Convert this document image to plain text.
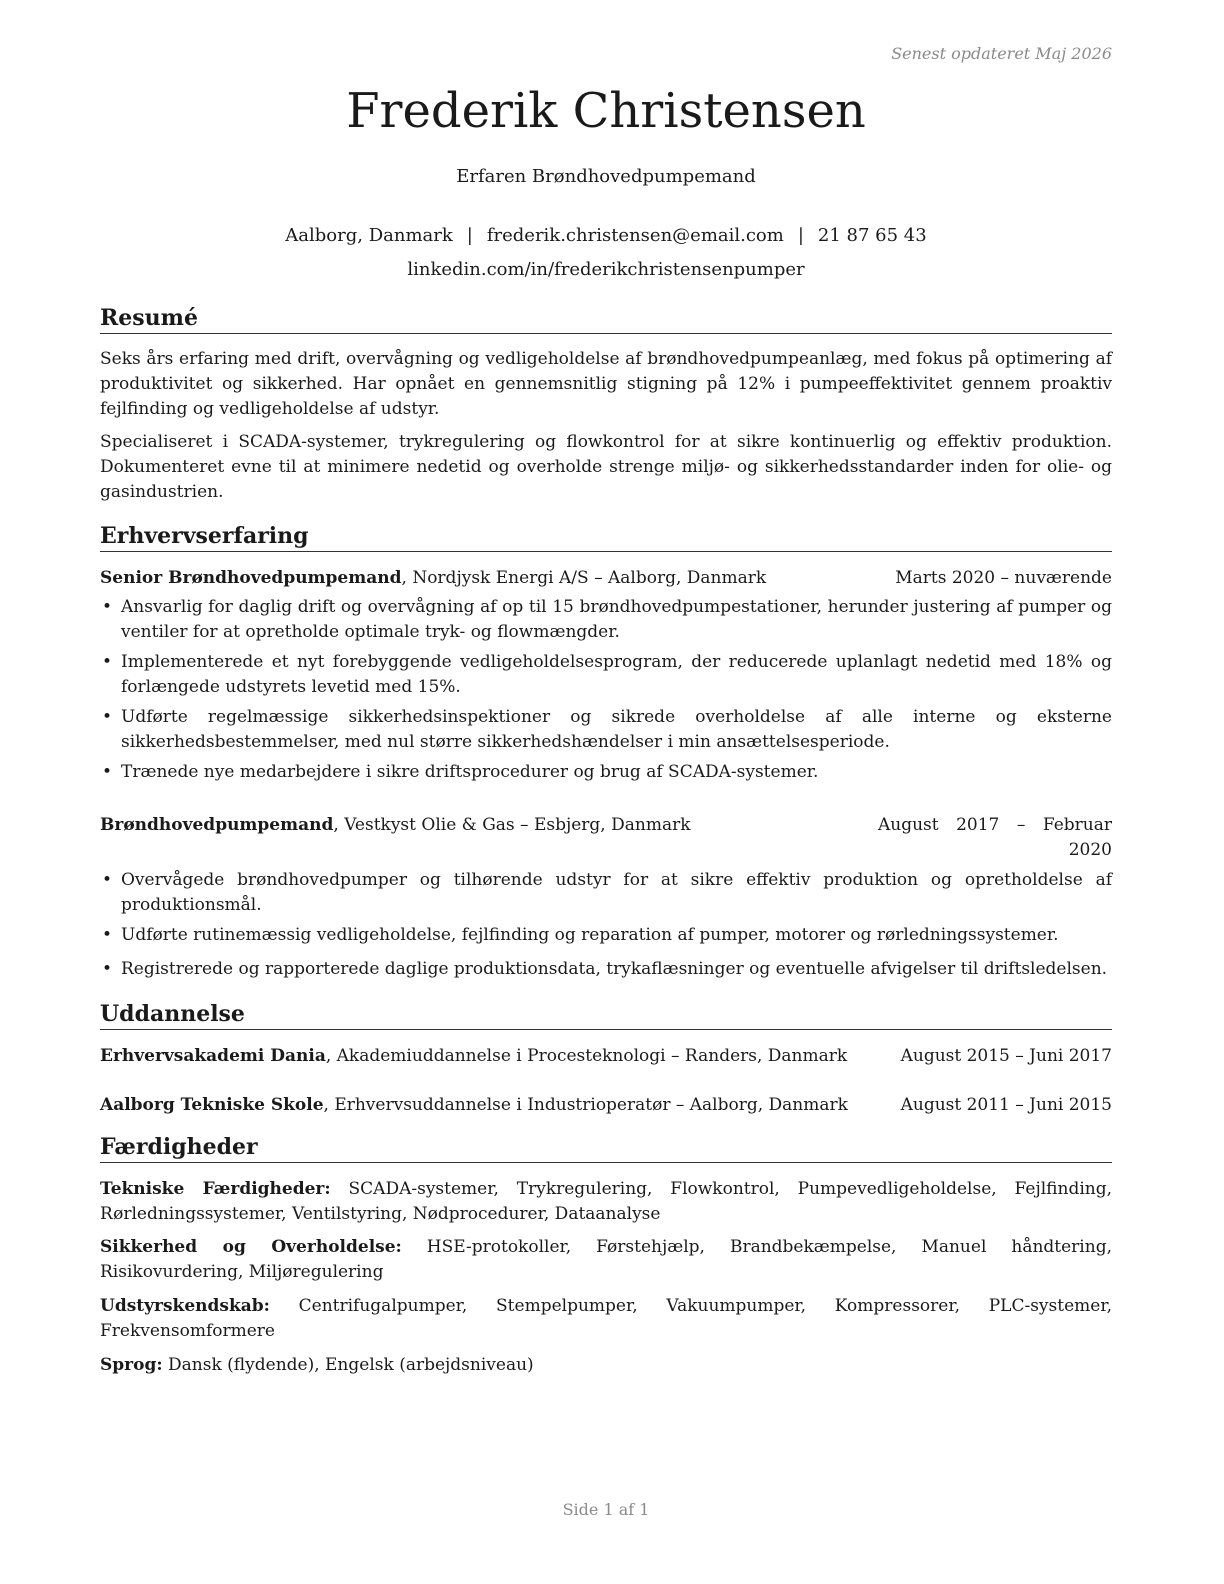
Senest opdateret Maj 2026
Frederik Christensen
Erfaren Brøndhovedpumpemand
Aalborg, Danmark | frederik.christensen@email.com | 21 87 65 43
linkedin.com/in/frederikchristensenpumper
Resumé

Seks års erfaring med drift, overvågning og vedligeholdelse af brøndhovedpumpeanlæg, med fokus på optimering af produktivitet og sikkerhed. Har opnået en gennemsnitlig stigning på 12% i pumpeeffektivitet gennem proaktiv fejlfinding og vedligeholdelse af udstyr.

Specialiseret i SCADA-systemer, trykregulering og flowkontrol for at sikre kontinuerlig og effektiv produktion. Dokumenteret evne til at minimere nedetid og overholde strenge miljø- og sikkerhedsstandarder inden for olie- og gasindustrien.

Erhvervserfaring
Senior Brøndhovedpumpemand, Nordjysk Energi A/S – Aalborg, Danmark	Marts 2020 – nuværende
• Ansvarlig for daglig drift og overvågning af op til 15 brøndhovedpumpestationer, herunder justering af pumper og ventiler for at opretholde optimale tryk- og flowmængder.
• Implementerede et nyt forebyggende vedligeholdelsesprogram, der reducerede uplanlagt nedetid med 18% og forlængede udstyrets levetid med 15%.
• Udførte regelmæssige sikkerhedsinspektioner og sikrede overholdelse af alle interne og eksterne sikkerhedsbestemmelser, med nul større sikkerhedshændelser i min ansættelsesperiode.
• Trænede nye medarbejdere i sikre driftsprocedurer og brug af SCADA-systemer.
Brøndhovedpumpemand, Vestkyst Olie & Gas – Esbjerg, Danmark	August 2017 – Februar
2020
• Overvågede brøndhovedpumper og tilhørende udstyr for at sikre effektiv produktion og opretholdelse af produktionsmål.
• Udførte rutinemæssig vedligeholdelse, fejlfinding og reparation af pumper, motorer og rørledningssystemer.
• Registrerede og rapporterede daglige produktionsdata, trykaflæsninger og eventuelle afvigelser til driftsledelsen.
Uddannelse
Erhvervsakademi Dania, Akademiuddannelse i Procesteknologi – Randers, Danmark	August 2015 – Juni 2017
Aalborg Tekniske Skole, Erhvervsuddannelse i Industrioperatør – Aalborg, Danmark	August 2011 – Juni 2015
Færdigheder
Tekniske Færdigheder: SCADA-systemer, Trykregulering, Flowkontrol, Pumpevedligeholdelse, Fejlfinding, Rørledningssystemer, Ventilstyring, Nødprocedurer, Dataanalyse
Sikkerhed og Overholdelse: HSE-protokoller, Førstehjælp, Brandbekæmpelse, Manuel håndtering, Risikovurdering, Miljøregulering
Udstyrskendskab: Centrifugalpumper, Stempelpumper, Vakuumpumper, Kompressorer, PLC-systemer, Frekvensomformere
Sprog: Dansk (flydende), Engelsk (arbejdsniveau)
Side 1 af 1
